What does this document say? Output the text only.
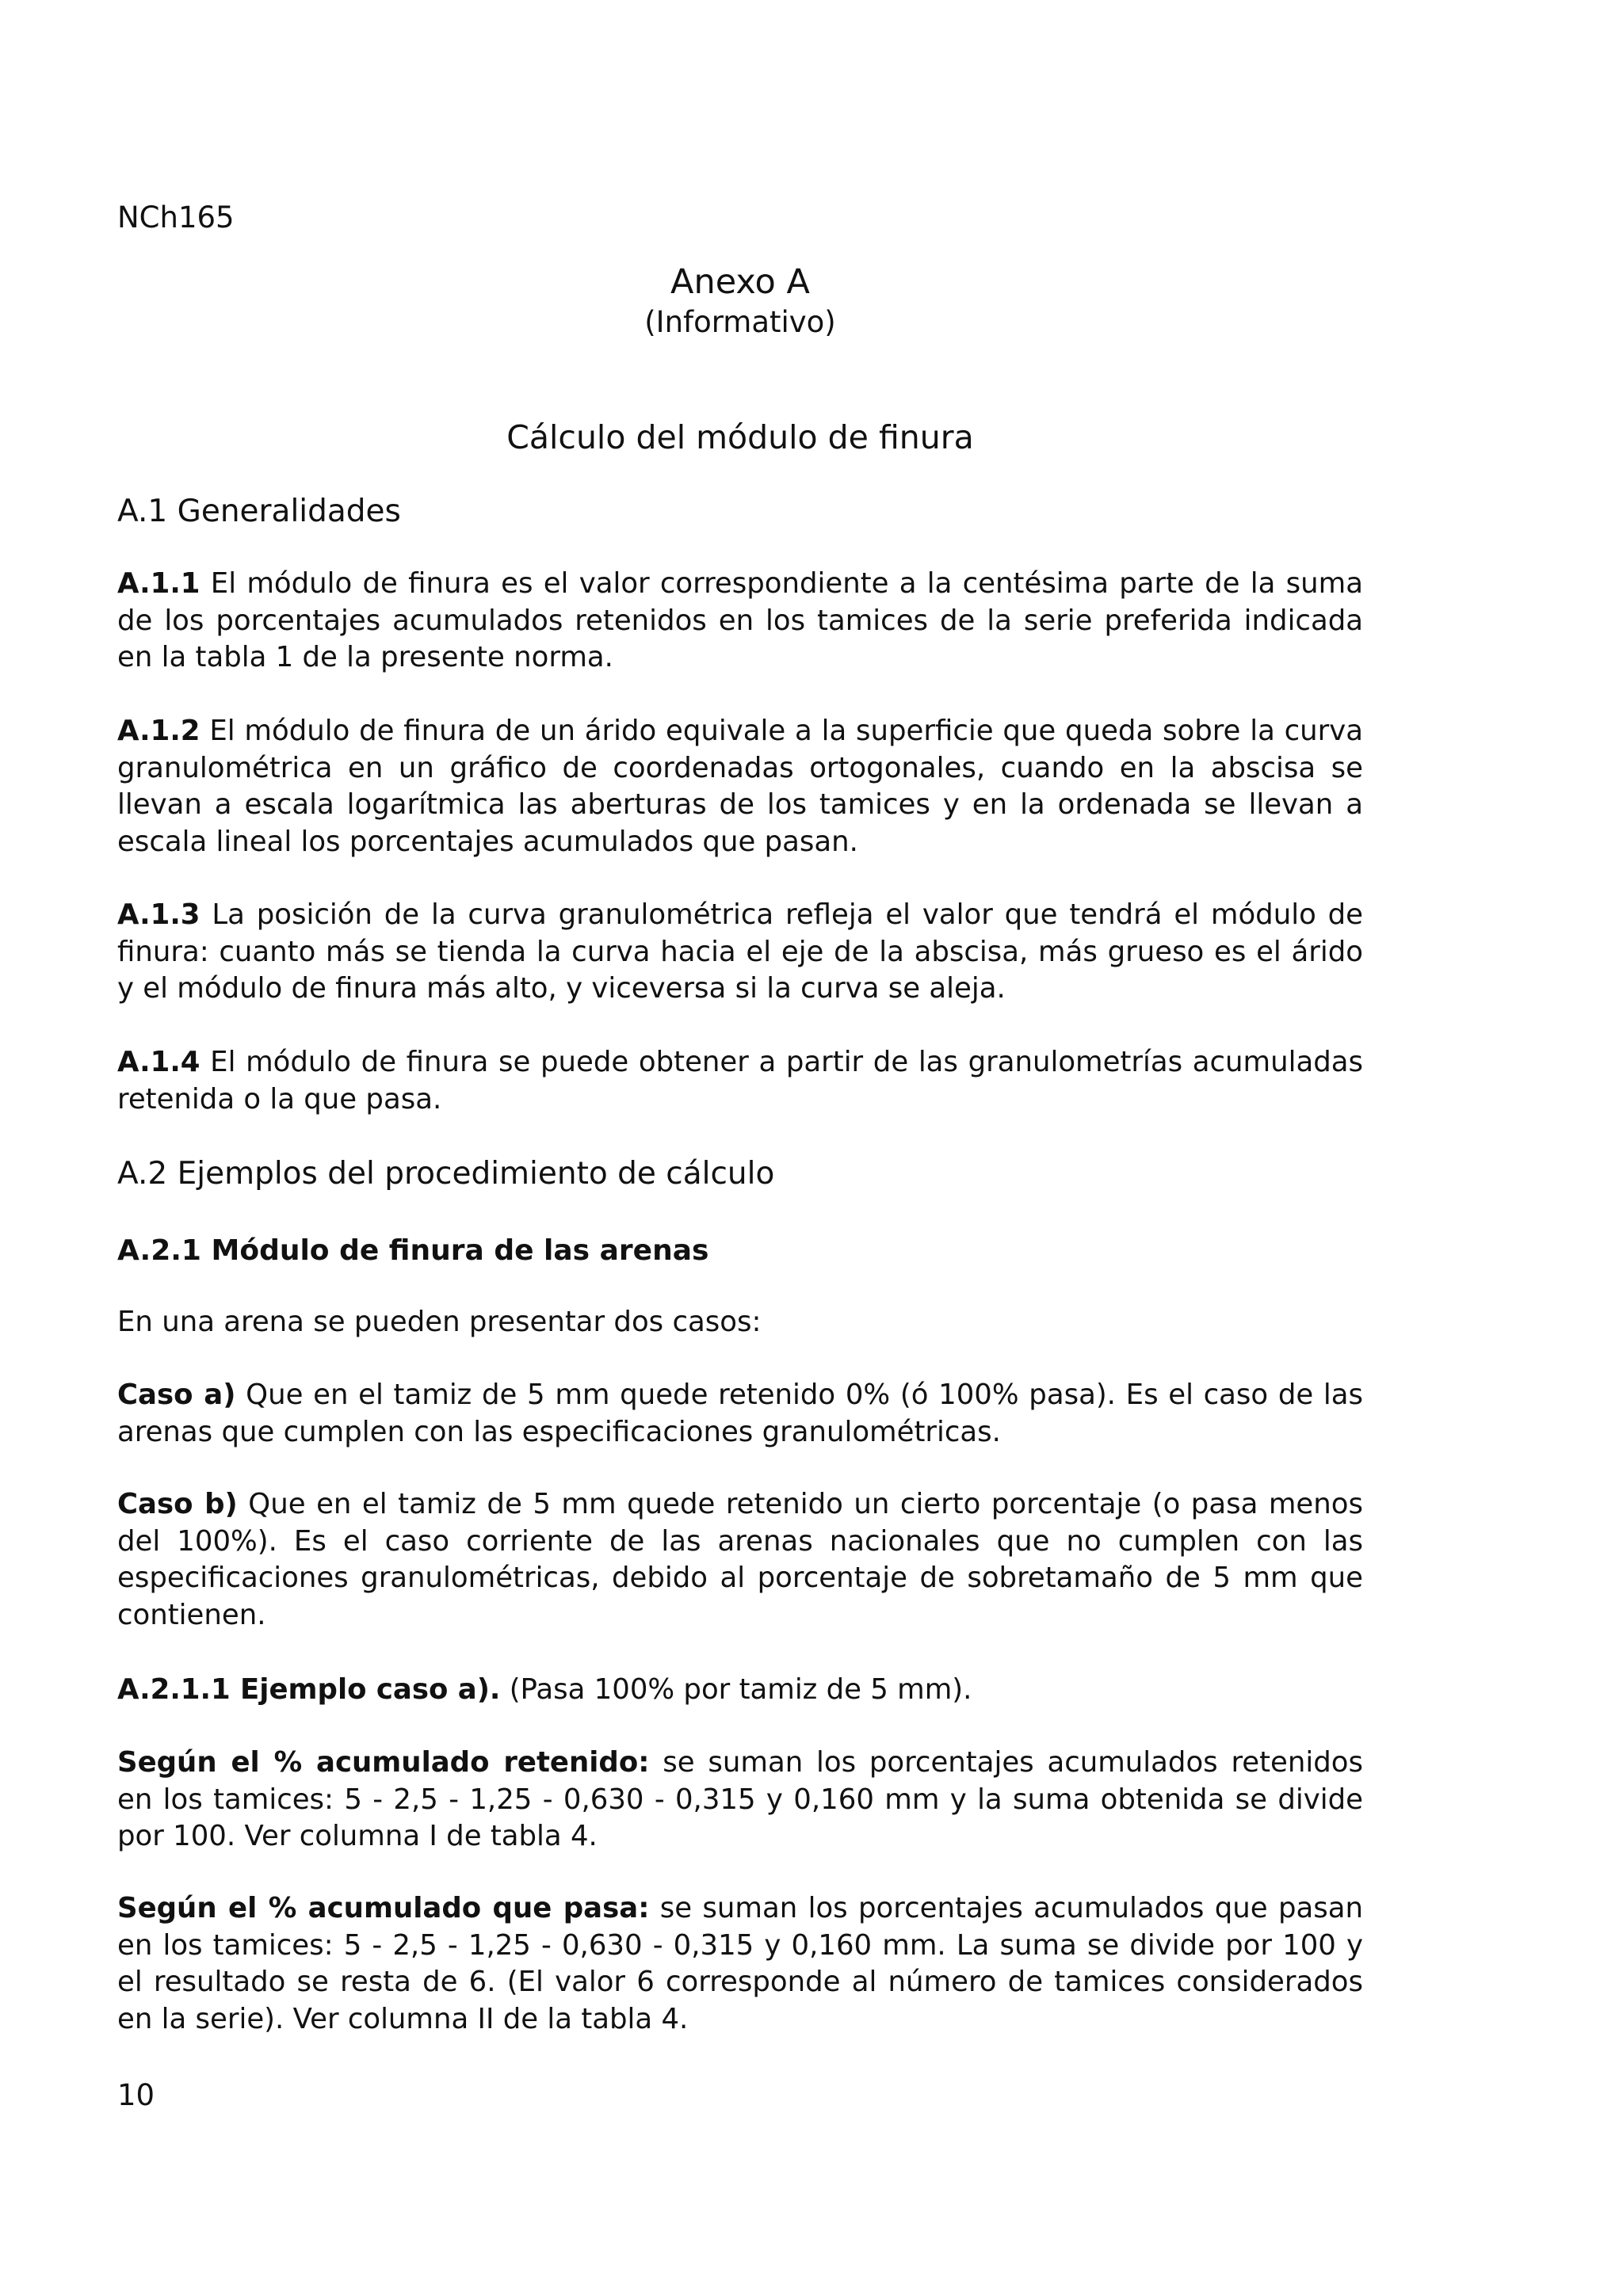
NCh165
Anexo A
(Informativo)
Cálculo del módulo de finura
A.1 Generalidades
A.1.1 El módulo de finura es el valor correspondiente a la centésima parte de la suma de los porcentajes acumulados retenidos en los tamices de la serie preferida indicada en la tabla 1 de la presente norma.
A.1.2 El módulo de finura de un árido equivale a la superficie que queda sobre la curva granulométrica en un gráfico de coordenadas ortogonales, cuando en la abscisa se llevan a escala logarítmica las aberturas de los tamices y en la ordenada se llevan a escala lineal los porcentajes acumulados que pasan.
A.1.3 La posición de la curva granulométrica refleja el valor que tendrá el módulo de finura: cuanto más se tienda la curva hacia el eje de la abscisa, más grueso es el árido y el módulo de finura más alto, y viceversa si la curva se aleja.
A.1.4 El módulo de finura se puede obtener a partir de las granulometrías acumuladas retenida o la que pasa.
A.2 Ejemplos del procedimiento de cálculo
A.2.1 Módulo de finura de las arenas
En una arena se pueden presentar dos casos:
Caso a) Que en el tamiz de 5 mm quede retenido 0% (ó 100% pasa). Es el caso de las arenas que cumplen con las especificaciones granulométricas.
Caso b) Que en el tamiz de 5 mm quede retenido un cierto porcentaje (o pasa menos del 100%). Es el caso corriente de las arenas nacionales que no cumplen con las especificaciones granulométricas, debido al porcentaje de sobretamaño de 5 mm que contienen.
A.2.1.1 Ejemplo caso a). (Pasa 100% por tamiz de 5 mm).
Según el % acumulado retenido: se suman los porcentajes acumulados retenidos en los tamices: 5 - 2,5 - 1,25 - 0,630 - 0,315 y 0,160 mm y la suma obtenida se divide por 100. Ver columna I de tabla 4.
Según el % acumulado que pasa: se suman los porcentajes acumulados que pasan en los tamices: 5 - 2,5 - 1,25 - 0,630 - 0,315 y 0,160 mm. La suma se divide por 100 y el resultado se resta de 6. (El valor 6 corresponde al número de tamices considerados en la serie). Ver columna II de la tabla 4.
10
